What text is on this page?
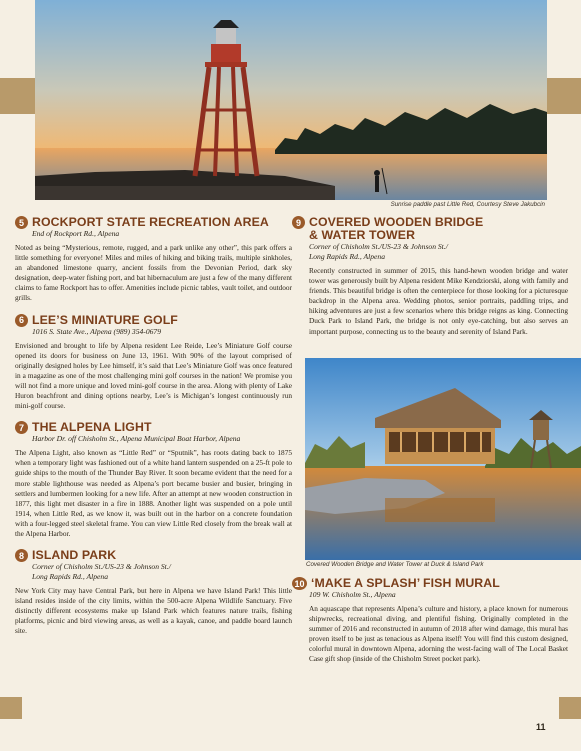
Sunrise paddle past Little Red, Courtesy Steve Jakubcin
5 ROCKPORT STATE RECREATION AREA

End of Rockport Rd., Alpena

Noted as being “Mysterious, remote, rugged, and a park unlike any other”, this park offers a little something for everyone! Miles and miles of hiking and biking trails, multiple sinkholes, an abandoned limestone quarry, ancient fossils from the Devonian Period, dark sky designation, deep-water fishing port, and bat hibernaculum are just a few of the many different claims to fame Rockport has to offer. Amenities include picnic tables, vault toilet, and outdoor grills.

6 LEE’S MINIATURE GOLF

1016 S. State Ave., Alpena (989) 354-0679

Envisioned and brought to life by Alpena resident Lee Reide, Lee’s Miniature Golf course opened its doors for business on June 13, 1961. With 90% of the layout comprised of originally designed holes by Lee himself, it’s said that Lee’s Miniature Golf was once featured in a magazine as one of the most challenging mini golf courses in the nation! We promise you will not find a more unique and loved mini-golf course in the area. Along with plenty of Lake Huron beachfront and dining options nearby, Lee’s is Michigan’s longest continuously run mini-golf course.

7 THE ALPENA LIGHT

Harbor Dr. off Chisholm St., Alpena Municipal Boat Harbor, Alpena

The Alpena Light, also known as “Little Red” or “Sputnik”, has roots dating back to 1875 when a temporary light was fashioned out of a white hand lantern suspended on a 25-ft pole to guide ships to the mouth of the Thunder Bay River. It soon became evident that the need for a more stable lighthouse was needed as Alpena’s port became busier and busier, bringing in settlers and lumbermen looking for a new life. After an attempt at new wooden construction in 1877, this light met disaster in a fire in 1888. Another light was suspended on a pole until 1914, when Little Red, as we know it, was built out in the harbor on a concrete foundation with a four-legged steel skeletal frame. You can view Little Red closely from the break wall at the Alpena Harbor.

8 ISLAND PARK

Corner of Chisholm St./US-23 & Johnson St./

Long Rapids Rd., Alpena

New York City may have Central Park, but here in Alpena we have Island Park! This little island resides inside of the city limits, within the 500-acre Alpena Wildlife Sanctuary. Five distinctly different ecosystems make up Island Park which features nature trails, fishing platforms, picnic and bird viewing areas, as well as a kayak, canoe, and paddle board launch site.

9 COVERED WOODEN BRIDGE
& WATER TOWER

Corner of Chisholm St./US-23 & Johnson St./

Long Rapids Rd., Alpena

Recently constructed in summer of 2015, this hand-hewn wooden bridge and water tower was generously built by Alpena resident Mike Kendziorski, along with family and friends. This beautiful bridge is often the centerpiece for those looking for a picturesque backdrop in the Alpena area. Wedding photos, senior portraits, paddling trips, and hiking adventures are just a few scenarios where this bridge reigns as king. Connecting Duck Park to Island Park, the bridge is not only eye-catching, but also serves an important purpose, connecting us to the beauty and serenity of Island Park.

Covered Wooden Bridge and Water Tower at Duck & Island Park
10 ‘MAKE A SPLASH’ FISH MURAL

109 W. Chisholm St., Alpena

An aquascape that represents Alpena’s culture and history, a place known for numerous shipwrecks, recreational diving, and plentiful fishing. Originally completed in the summer of 2016 and reconstructed in autumn of 2018 after wind damage, this mural has proven itself to be just as tenacious as Alpena itself! You will find this custom designed, colorful mural in downtown Alpena, adorning the west-facing wall of The Local Basket Case gift shop (inside of the Chisholm Street pocket park).

11
